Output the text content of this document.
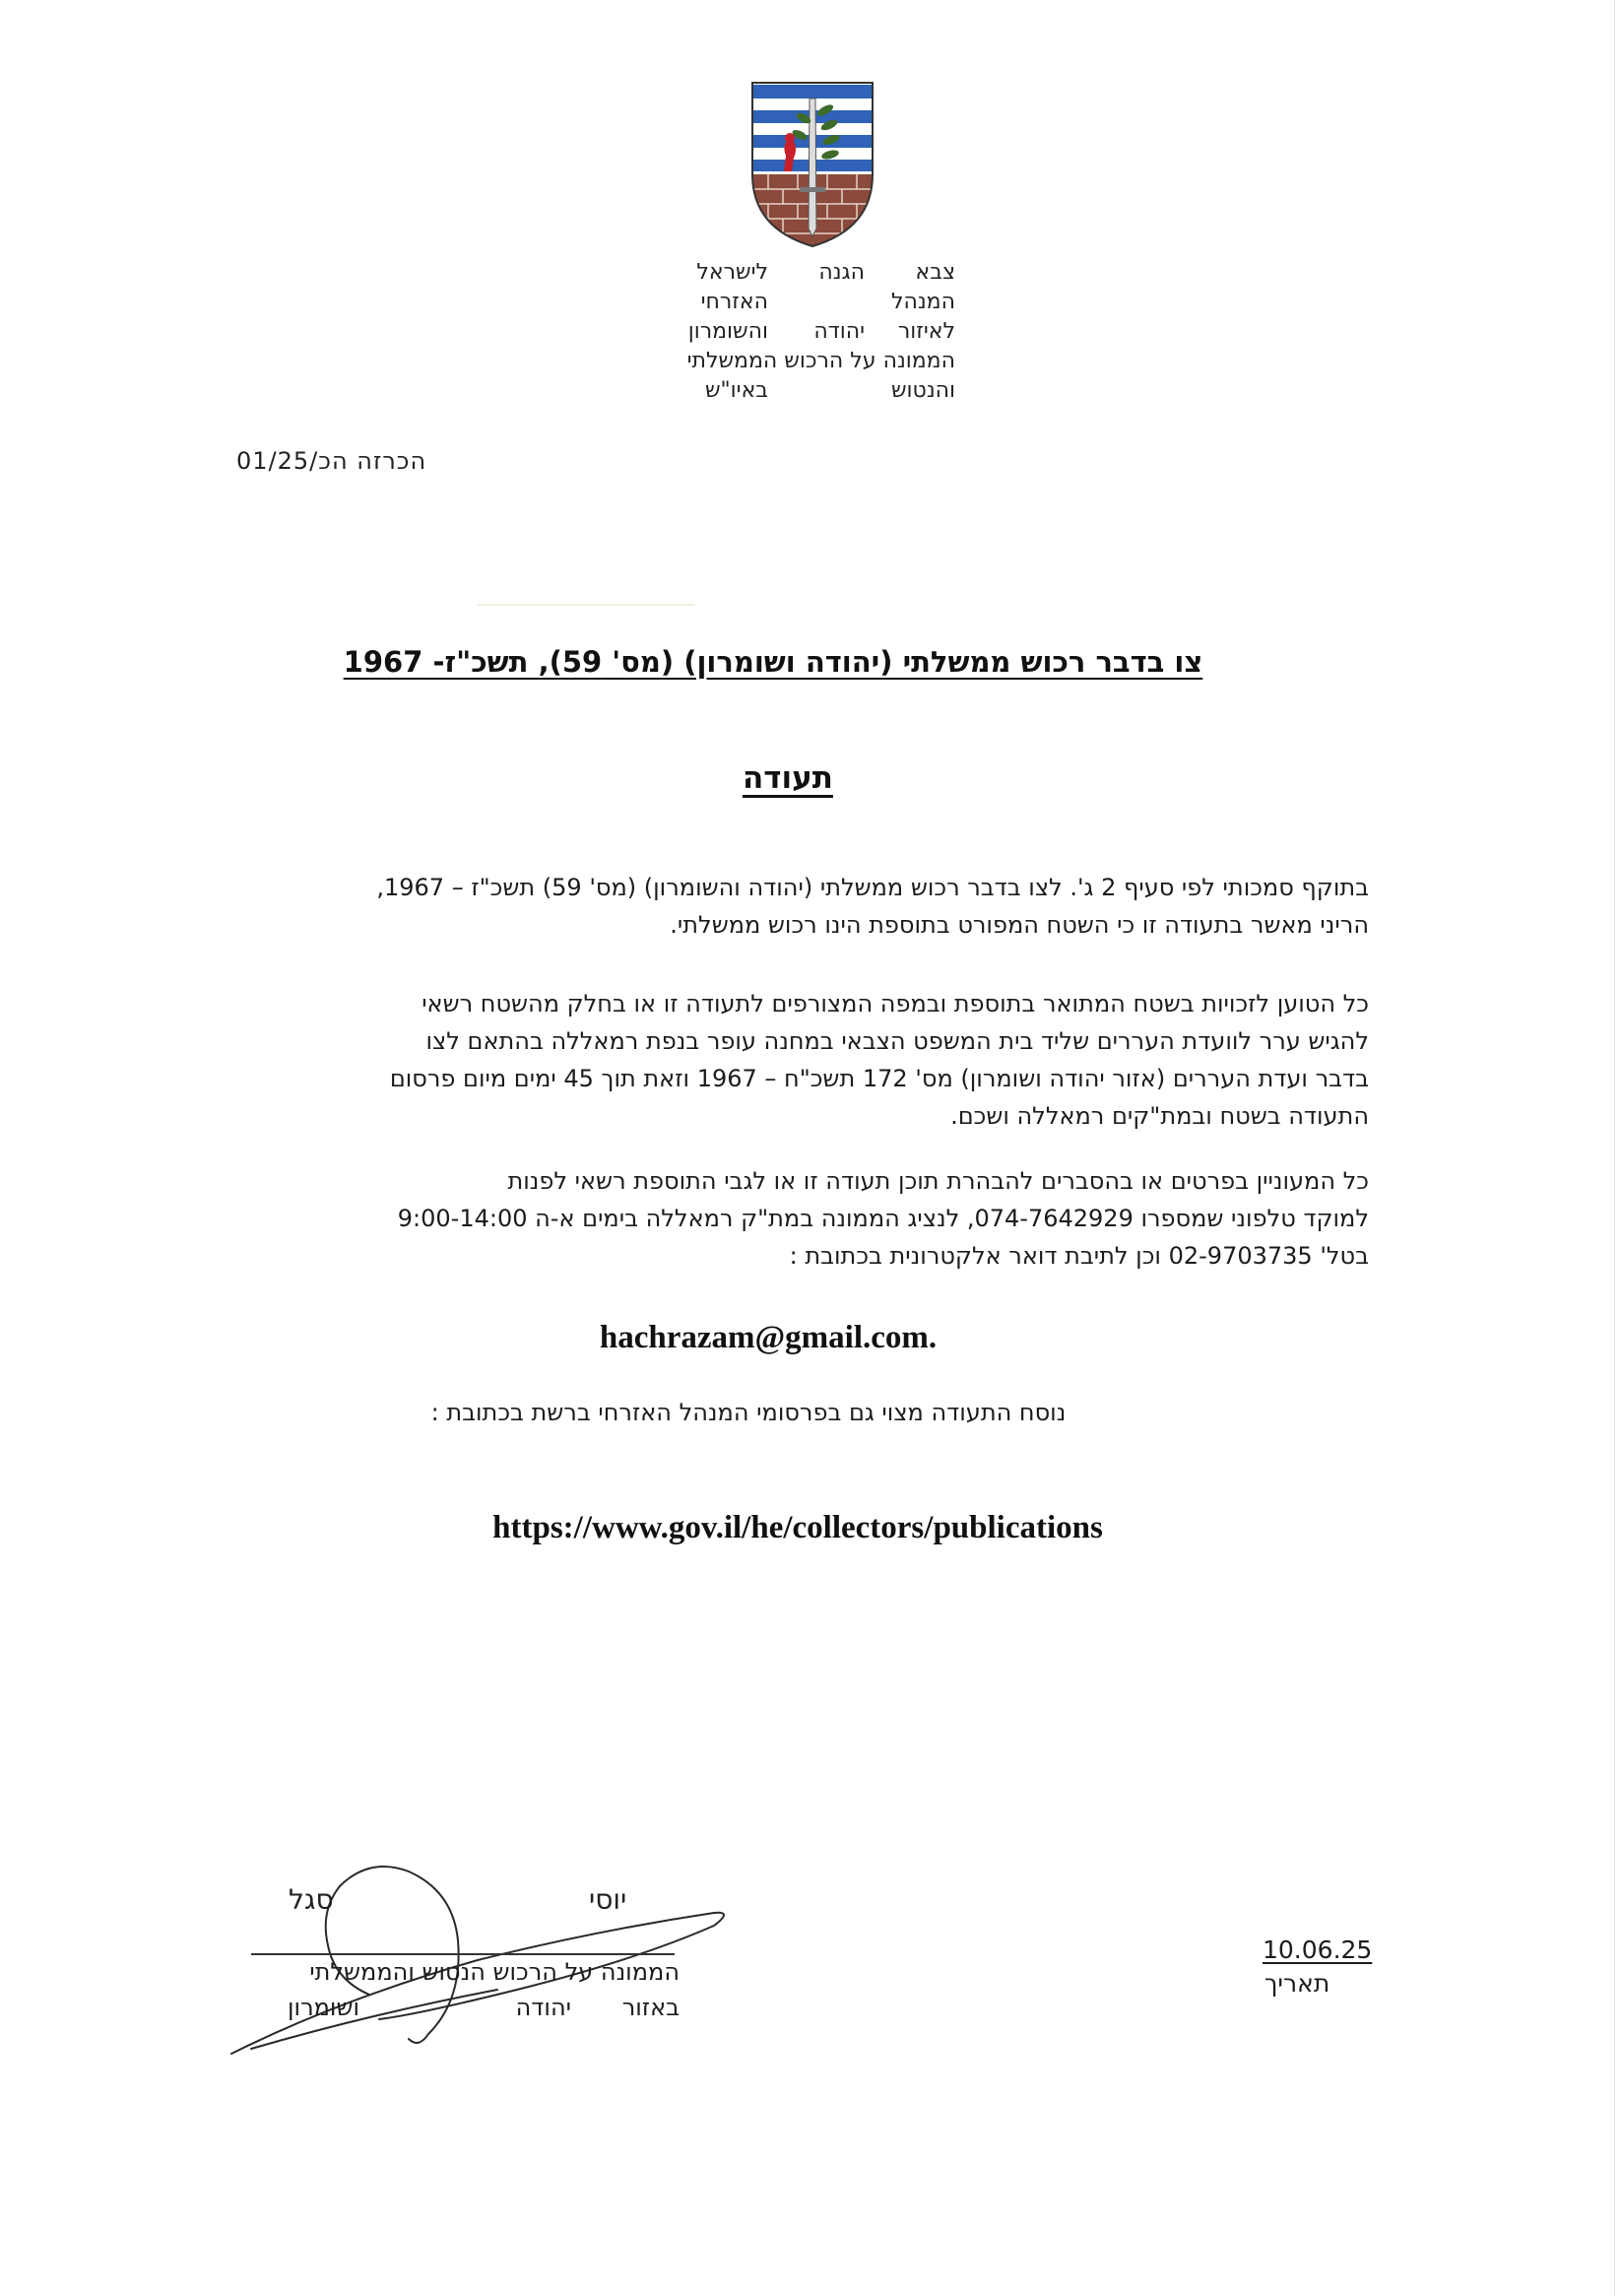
צבא
הגנה
לישראל
המנהל
האזרחי
לאיזור
יהודה
והשומרון
הממונה על הרכוש הממשלתי
והנטוש
באיו"ש
הכרזה הכ/01/25
צו בדבר רכוש ממשלתי (יהודה ושומרון) (מס' 59), תשכ"ז- 1967
תעודה
בתוקף סמכותי לפי סעיף 2 ג'. לצו בדבר רכוש ממשלתי (יהודה והשומרון) (מס' 59) תשכ"ז – 1967,
הריני מאשר בתעודה זו כי השטח המפורט בתוספת הינו רכוש ממשלתי.
כל הטוען לזכויות בשטח המתואר בתוספת ובמפה המצורפים לתעודה זו או בחלק מהשטח רשאי
להגיש ערר לוועדת העררים שליד בית המשפט הצבאי במחנה עופר בנפת רמאללה בהתאם לצו
בדבר ועדת העררים (אזור יהודה ושומרון) מס' 172 תשכ"ח – 1967 וזאת תוך 45 ימים מיום פרסום
התעודה בשטח ובמת"קים רמאללה ושכם.
כל המעוניין בפרטים או בהסברים להבהרת תוכן תעודה זו או לגבי התוספת רשאי לפנות
למוקד טלפוני שמספרו 074-7642929, לנציג הממונה במת"ק רמאללה בימים א-ה 9:00-14:00
בטל' 02-9703735 וכן לתיבת דואר אלקטרונית בכתובת :
hachrazam@gmail.com.
נוסח התעודה מצוי גם בפרסומי המנהל האזרחי ברשת בכתובת :
https://www.gov.il/he/collectors/publications
יוסי
סגל
הממונה על הרכוש הנטוש והממשלתי
באזור
יהודה
ושומרון
10.06.25
תאריך
